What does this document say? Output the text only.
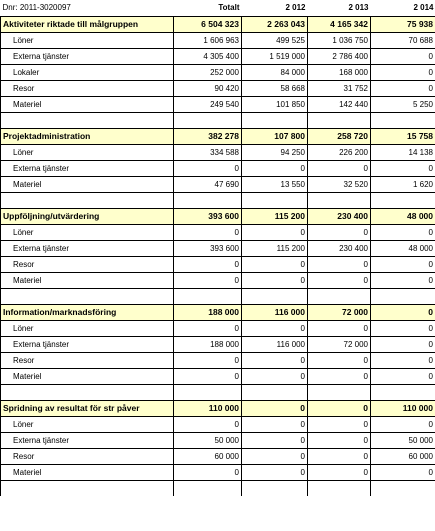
Dnr: 2011-3020097	Totalt	2 012	2 013	2 014
Aktiviteter riktade till målgruppen	6 504 323	2 263 043	4 165 342	75 938
Löner	1 606 963	499 525	1 036 750	70 688
Externa tjänster	4 305 400	1 519 000	2 786 400	0
Lokaler	252 000	84 000	168 000	0
Resor	90 420	58 668	31 752	0
Materiel	249 540	101 850	142 440	5 250

Projektadministration	382 278	107 800	258 720	15 758
Löner	334 588	94 250	226 200	14 138
Externa tjänster	0	0	0	0
Materiel	47 690	13 550	32 520	1 620

Uppföljning/utvärdering	393 600	115 200	230 400	48 000
Löner	0	0	0	0
Externa tjänster	393 600	115 200	230 400	48 000
Resor	0	0	0	0
Materiel	0	0	0	0

Information/marknadsföring	188 000	116 000	72 000	0
Löner	0	0	0	0
Externa tjänster	188 000	116 000	72 000	0
Resor	0	0	0	0
Materiel	0	0	0	0

Spridning av resultat för str påver	110 000	0	0	110 000
Löner	0	0	0	0
Externa tjänster	50 000	0	0	50 000
Resor	60 000	0	0	60 000
Materiel	0	0	0	0
